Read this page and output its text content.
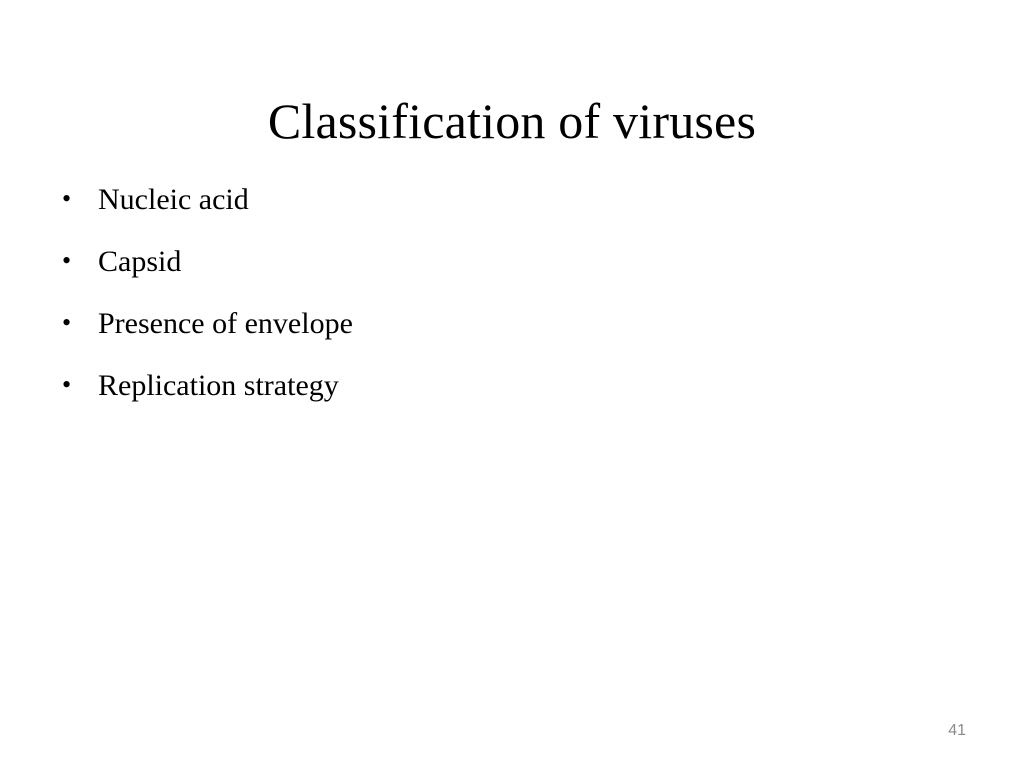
Classification of viruses
• Nucleic acid
• Capsid
• Presence of envelope
• Replication strategy
41
